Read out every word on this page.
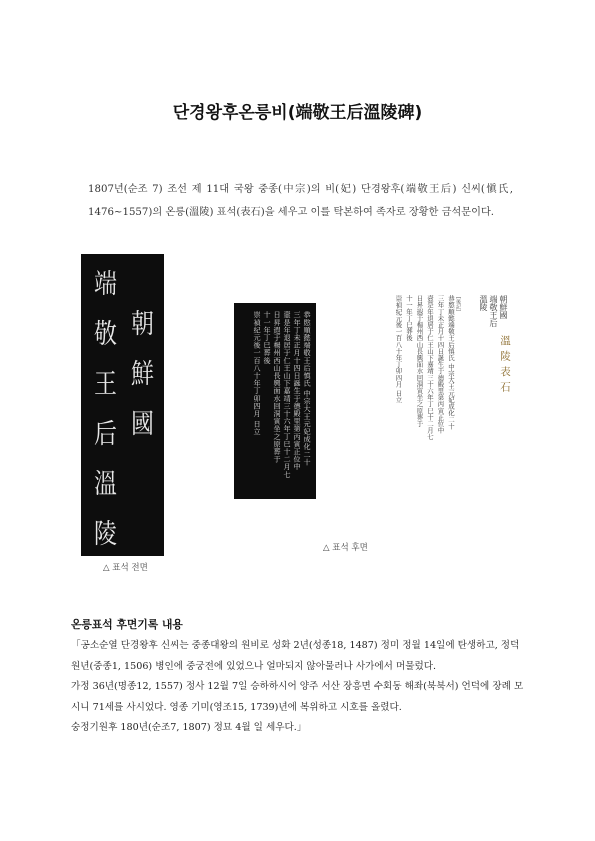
단경왕후온릉비(端敬王后溫陵碑)

1807년(순조 7) 조선 제 11대 국왕 중종(中宗)의 비(妃) 단경왕후(端敬王后) 신씨(愼氏, 1476~1557)의 온릉(溫陵) 표석(表石)을 세우고 이를 탁본하여 족자로 장황한 금석문이다.

端
敬
王
后
溫
陵
朝
鮮
國
△ 표석 전면
恭愍順懿端敬王后慎氏 中宗大王元妃成化二十
三年丁未正月十四日誕生于德殿里第丙寅正位中
壼是年退居于仁王山下嘉靖三十六年丁巳十二月七
日昇遐于楊州西山長興面水回洞寅坐之原葬于
十一年丁巳葬後
崇禎紀元後一百八十年丁卯四月 日立
△ 표석 후면
恭愍順懿端敬王后慎氏 中宗大王元妃成化二十
三年丁未正月十四日誕生于德殿里第丙寅正位中
壼是年退居于仁王山下嘉靖三十六年丁巳十二月七
日昇遐于楊州西山長興面水回洞寅坐之原葬于
十一年丁巳葬後
崇禎紀元後一百八十年丁卯四月 日立	[後記]	朝鮮國
端敬王后
溫陵
溫陵表石
온릉표석 후면기록 내용

「공소순열 단경왕후 신씨는 중종대왕의 원비로 성화 2년(성종18, 1487) 정미 정월 14일에 탄생하고, 정덕 원년(중종1, 1506) 병인에 중궁전에 있었으나 얼마되지 않아물러나 사가에서 머물렀다.

가정 36년(명종12, 1557) 정사 12월 7일 승하하시어 양주 서산 장흥면 수회동 해좌(북북서) 언덕에 장례 모시니 71세를 사시었다. 영종 기미(영조15, 1739)년에 복위하고 시호를 올렸다.

숭정기원후 180년(순조7, 1807) 정묘 4월 일 세우다.」
